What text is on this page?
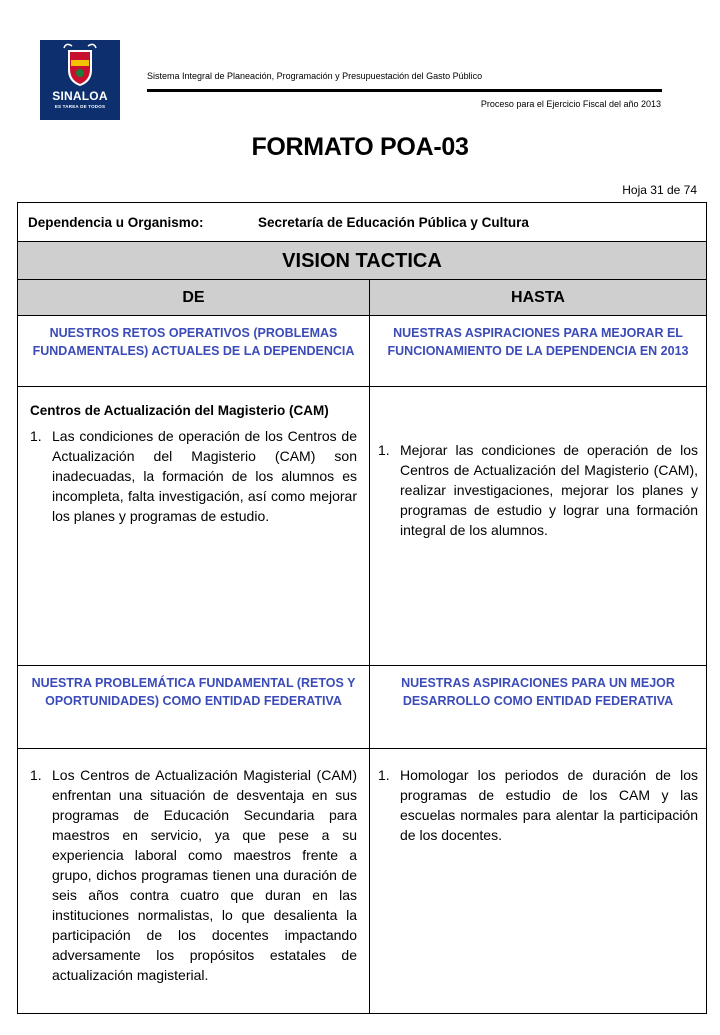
SINALOA
ES TAREA DE TODOS
Sistema Integral de Planeación, Programación y Presupuestación del Gasto Público
Proceso para el Ejercicio Fiscal del año 2013
FORMATO POA-03
Hoja 31 de 74
Dependencia u Organismo:	Secretaría de Educación Pública y Cultura
VISION TACTICA
DE	HASTA
NUESTROS RETOS OPERATIVOS (PROBLEMAS FUNDAMENTALES) ACTUALES DE LA DEPENDENCIA
NUESTRAS ASPIRACIONES PARA MEJORAR EL FUNCIONAMIENTO DE LA DEPENDENCIA EN 2013
Centros de Actualización del Magisterio (CAM)
1. Las condiciones de operación de los Centros de Actualización del Magisterio (CAM) son inadecuadas, la formación de los alumnos es incompleta, falta investigación, así como mejorar los planes y programas de estudio.
1. Mejorar las condiciones de operación de los Centros de Actualización del Magisterio (CAM), realizar investigaciones, mejorar los planes y programas de estudio y lograr una formación integral de los alumnos.
NUESTRA PROBLEMÁTICA FUNDAMENTAL (RETOS Y OPORTUNIDADES) COMO ENTIDAD FEDERATIVA
NUESTRAS ASPIRACIONES PARA UN MEJOR DESARROLLO COMO ENTIDAD FEDERATIVA
1. Los Centros de Actualización Magisterial (CAM) enfrentan una situación de desventaja en sus programas de Educación Secundaria para maestros en servicio, ya que pese a su experiencia laboral como maestros frente a grupo, dichos programas tienen una duración de seis años contra cuatro que duran en las instituciones normalistas, lo que desalienta la participación de los docentes impactando adversamente los propósitos estatales de actualización magisterial.
1. Homologar los periodos de duración de los programas de estudio de los CAM y las escuelas normales para alentar la participación de los docentes.
